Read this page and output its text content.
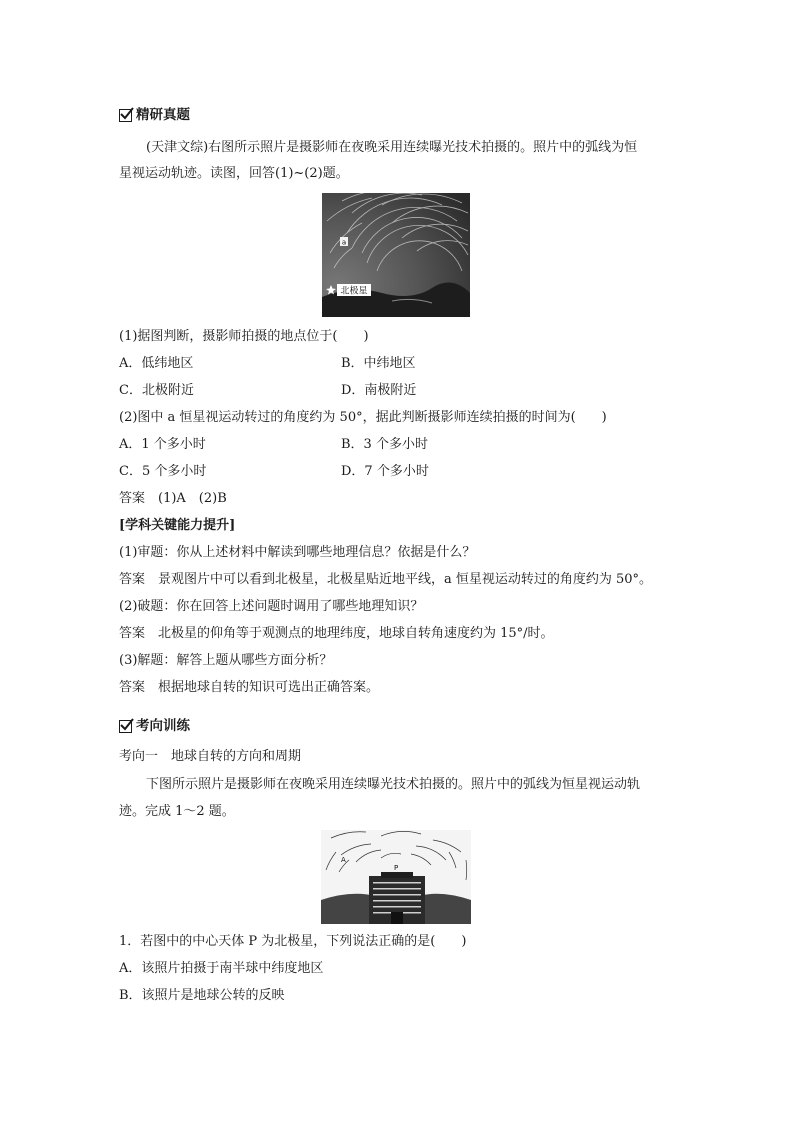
精研真题
(天津文综)右图所示照片是摄影师在夜晚采用连续曝光技术拍摄的。照片中的弧线为恒
星视运动轨迹。读图，回答(1)~(2)题。
a
北极星
(1)据图判断，摄影师拍摄的地点位于(　　)
A．低纬地区	B．中纬地区
C．北极附近	D．南极附近
(2)图中 a 恒星视运动转过的角度约为 50°，据此判断摄影师连续拍摄的时间为(　　)
A．1 个多小时	B．3 个多小时
C．5 个多小时	D．7 个多小时
答案　(1)A　(2)B
[学科关键能力提升]
(1)审题：你从上述材料中解读到哪些地理信息？依据是什么？
答案　景观图片中可以看到北极星，北极星贴近地平线，a 恒星视运动转过的角度约为 50°。
(2)破题：你在回答上述问题时调用了哪些地理知识？
答案　北极星的仰角等于观测点的地理纬度，地球自转角速度约为 15°/时。
(3)解题：解答上题从哪些方面分析？
答案　根据地球自转的知识可选出正确答案。
考向训练
考向一　地球自转的方向和周期
下图所示照片是摄影师在夜晚采用连续曝光技术拍摄的。照片中的弧线为恒星视运动轨
迹。完成 1～2 题。
A
P
1．若图中的中心天体 P 为北极星，下列说法正确的是(　　)
A．该照片拍摄于南半球中纬度地区
B．该照片是地球公转的反映
